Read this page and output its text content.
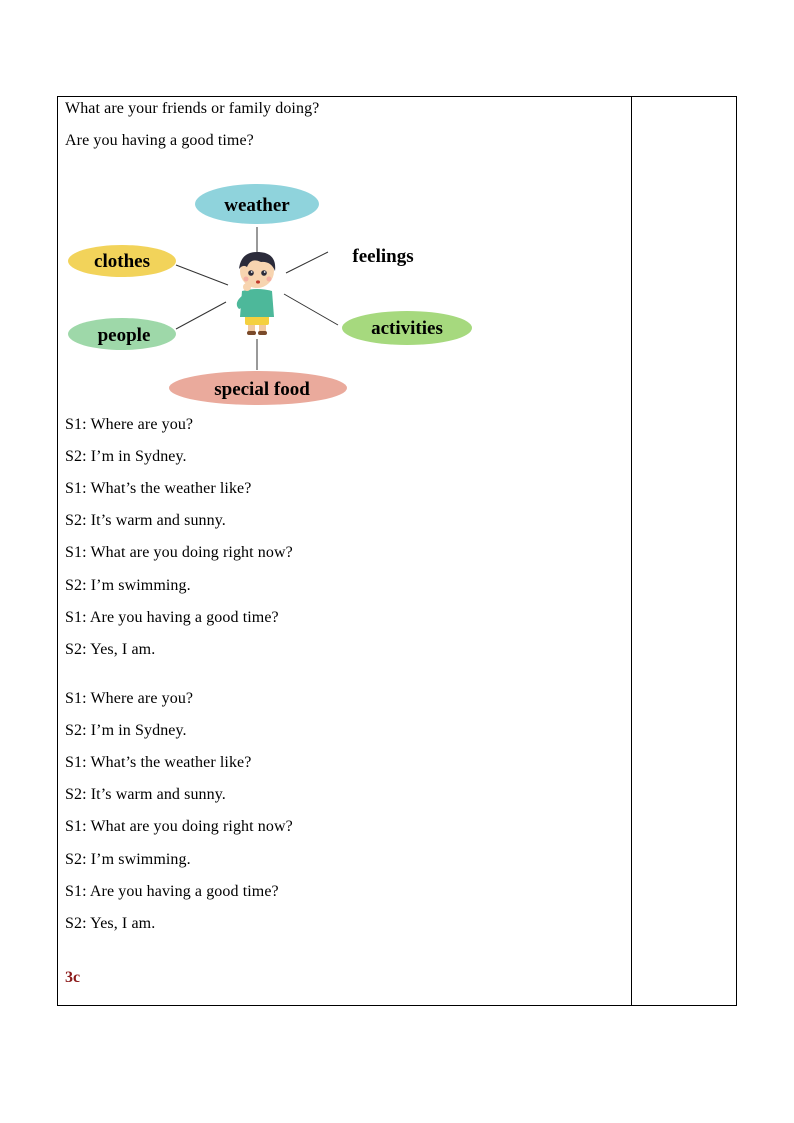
What are your friends or family doing?
Are you having a good time?
weather
feelings
clothes
activities
people
special food
S1: Where are you?
S2: I’m in Sydney.
S1: What’s the weather like?
S2: It’s warm and sunny.
S1: What are you doing right now?
S2: I’m swimming.
S1: Are you having a good time?
S2: Yes, I am.
S1: Where are you?
S2: I’m in Sydney.
S1: What’s the weather like?
S2: It’s warm and sunny.
S1: What are you doing right now?
S2: I’m swimming.
S1: Are you having a good time?
S2: Yes, I am.
3c
